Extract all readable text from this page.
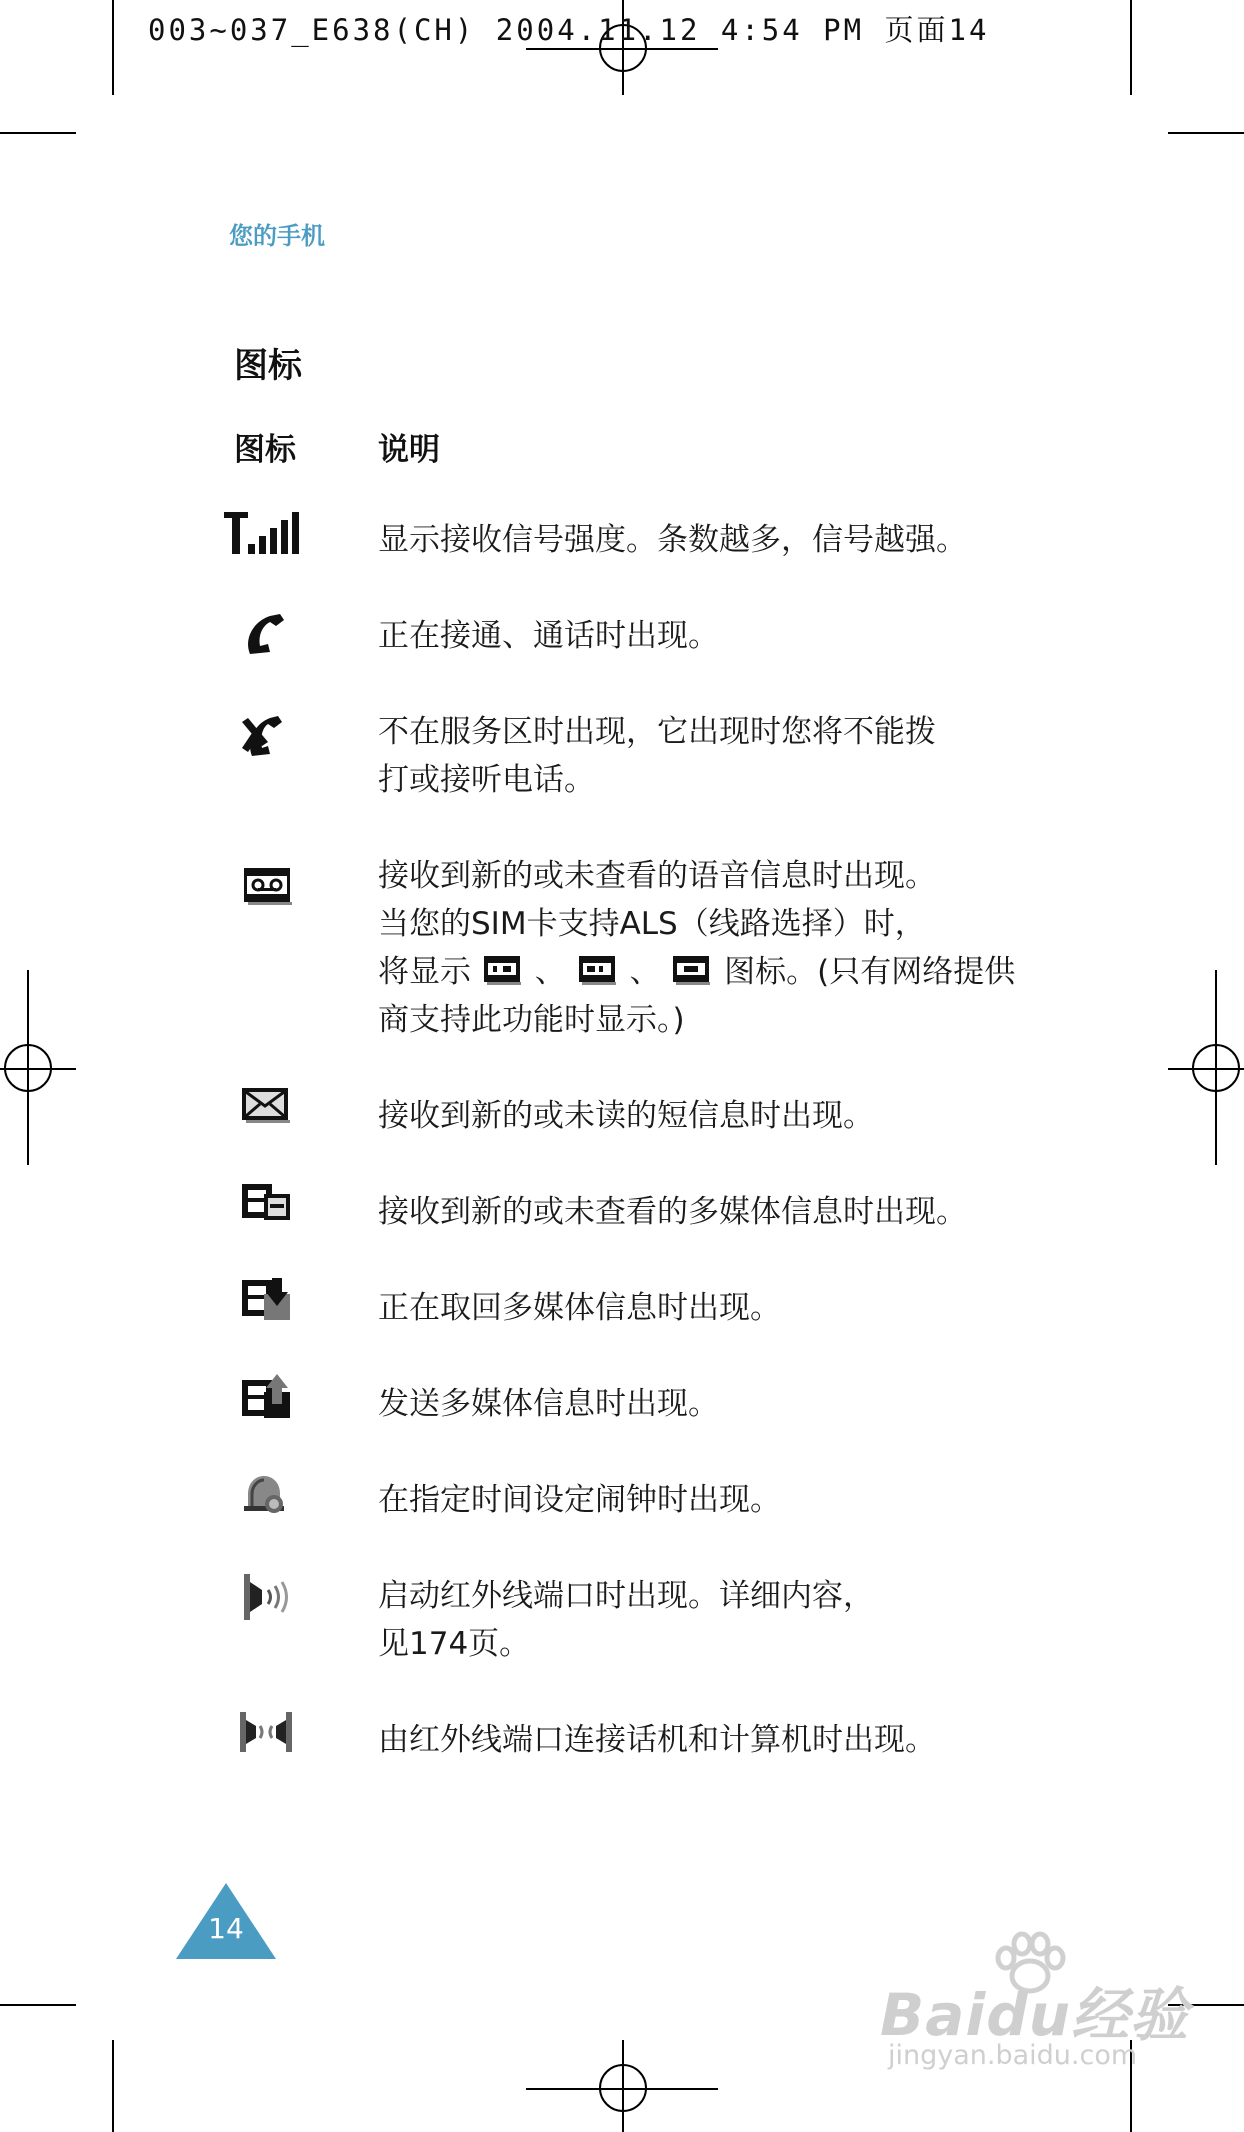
003~037_E638(CH) 2004.11.12 4:54 PM 页面14
您的手机
图标
图标	说明

显示接收信号强度。条数越多，信号越强。

正在接通、通话时出现。

不在服务区时出现，它出现时您将不能拨

打或接听电话。

接收到新的或未查看的语音信息时出现。

当您的SIM卡支持ALS（线路选择）时，

将显示 、 、 图标。(只有网络提供

商支持此功能时显示。)

接收到新的或未读的短信息时出现。

接收到新的或未查看的多媒体信息时出现。

正在取回多媒体信息时出现。

发送多媒体信息时出现。

在指定时间设定闹钟时出现。

启动红外线端口时出现。详细内容，

见174页。

由红外线端口连接话机和计算机时出现。

14
Baidu经验
jingyan.baidu.com
